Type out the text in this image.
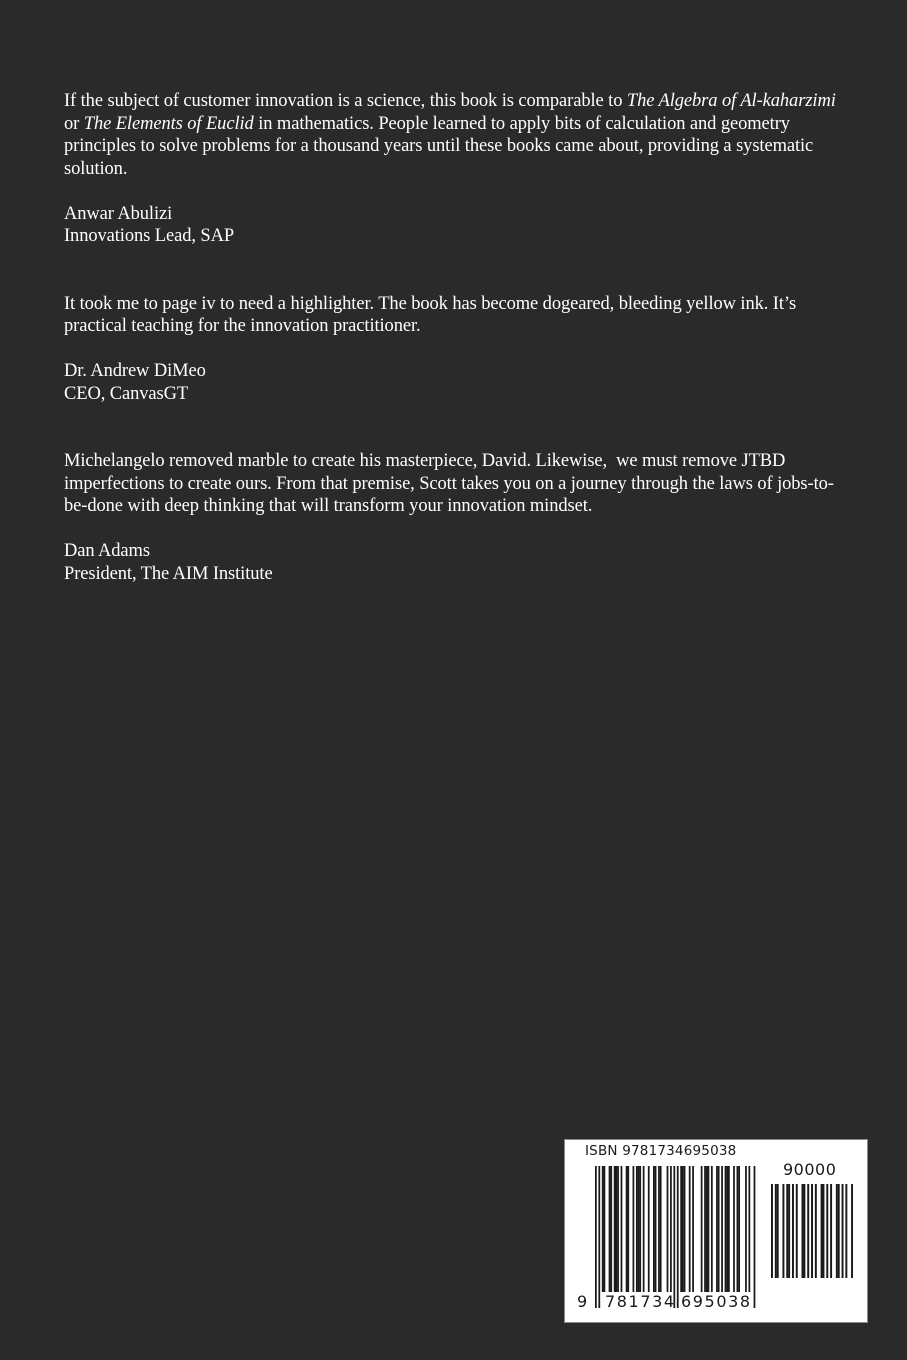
If the subject of customer innovation is a science, this book is comparable to The Algebra of Al-kaharzimi or The Elements of Euclid in mathematics. People learned to apply bits of calculation and geometry principles to solve problems for a thousand years until these books came about, providing a systematic solution.

Anwar Abulizi

Innovations Lead, SAP

It took me to page iv to need a highlighter. The book has become dogeared, bleeding yellow ink. It’s practical teaching for the innovation practitioner.

Dr. Andrew DiMeo

CEO, CanvasGT

Michelangelo removed marble to create his masterpiece, David. Likewise,  we must remove JTBD imperfections to create ours. From that premise, Scott takes you on a journey through the laws of jobs-to-be-done with deep thinking that will transform your innovation mindset.

Dan Adams

President, The AIM Institute

ISBN 9781734695038
90000
9 781734 695038
